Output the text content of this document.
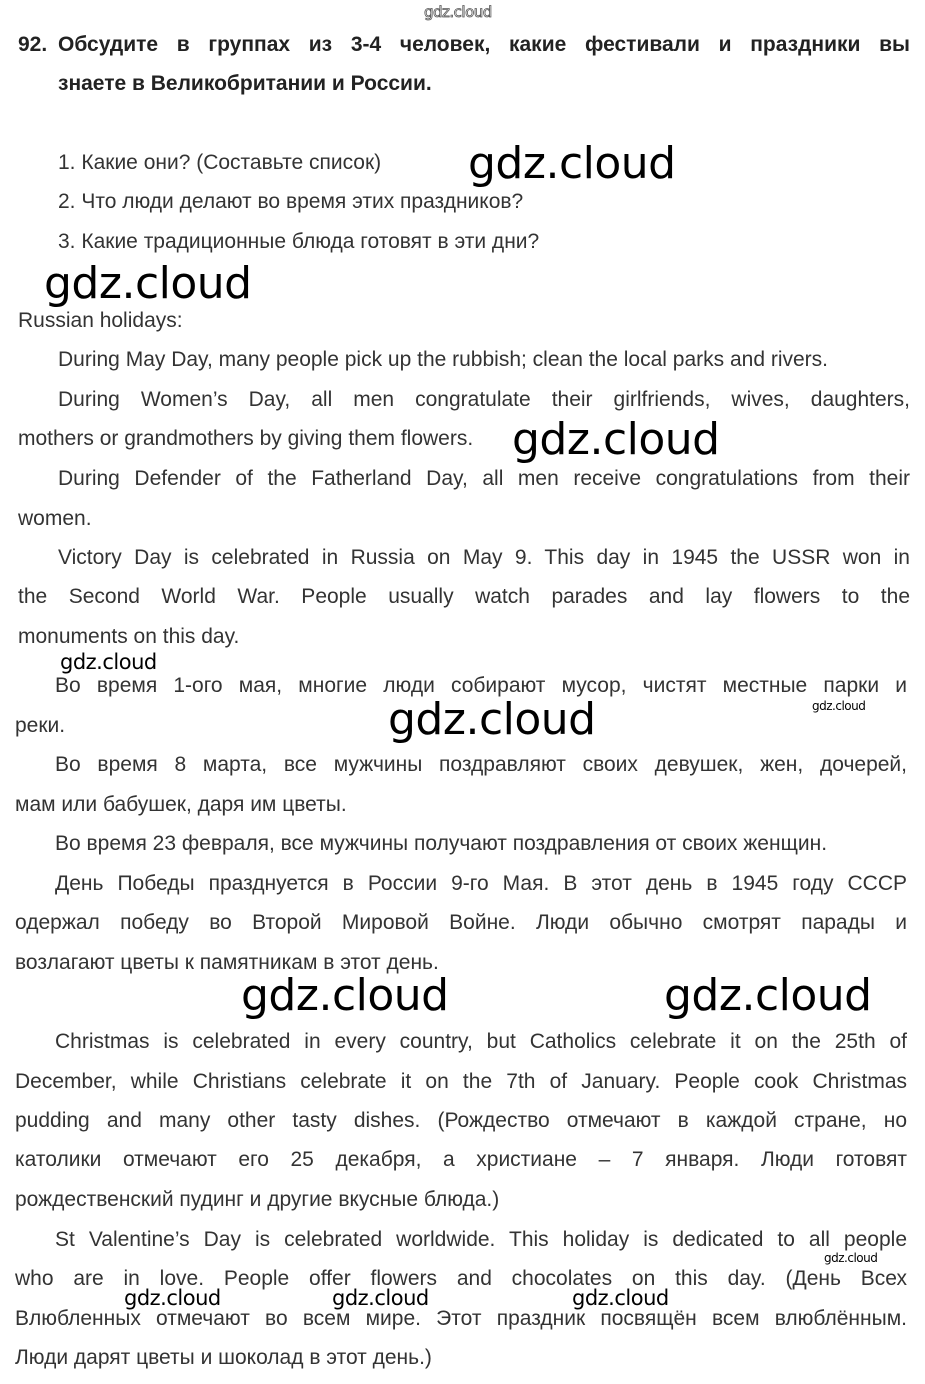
gdz.cloud
92. Обсудите в группах из 3-4 человек, какие фестивали и праздники вы
знаете в Великобритании и России.
1. Какие они? (Составьте список)
2. Что люди делают во время этих праздников?
3. Какие традиционные блюда готовят в эти дни?
Russian holidays:
During May Day, many people pick up the rubbish; clean the local parks and rivers.
During Women’s Day, all men congratulate their girlfriends, wives, daughters,
mothers or grandmothers by giving them flowers.
During Defender of the Fatherland Day, all men receive congratulations from their
women.
Victory Day is celebrated in Russia on May 9. This day in 1945 the USSR won in
the Second World War. People usually watch parades and lay flowers to the
monuments on this day.
Во время 1-ого мая, многие люди собирают мусор, чистят местные парки и
реки.
Во время 8 марта, все мужчины поздравляют своих девушек, жен, дочерей,
мам или бабушек, даря им цветы.
Во время 23 февраля, все мужчины получают поздравления от своих женщин.
День Победы празднуется в России 9-го Мая. В этот день в 1945 году СССР
одержал победу во Второй Мировой Войне. Люди обычно смотрят парады и
возлагают цветы к памятникам в этот день.
Christmas is celebrated in every country, but Catholics celebrate it on the 25th of
December, while Christians celebrate it on the 7th of January. People cook Christmas
pudding and many other tasty dishes. (Рождество отмечают в каждой стране, но
католики отмечают его 25 декабря, а христиане – 7 января. Люди готовят
рождественский пудинг и другие вкусные блюда.)
St Valentine’s Day is celebrated worldwide. This holiday is dedicated to all people
who are in love. People offer flowers and chocolates on this day. (День Всех
Влюбленных отмечают во всем мире. Этот праздник посвящён всем влюблённым.
Люди дарят цветы и шоколад в этот день.)
gdz.cloud
gdz.cloud
gdz.cloud
gdz.cloud
gdz.cloud	gdz.cloud
gdz.cloud	gdz.cloud
gdz.cloud
gdz.cloud	gdz.cloud	gdz.cloud
